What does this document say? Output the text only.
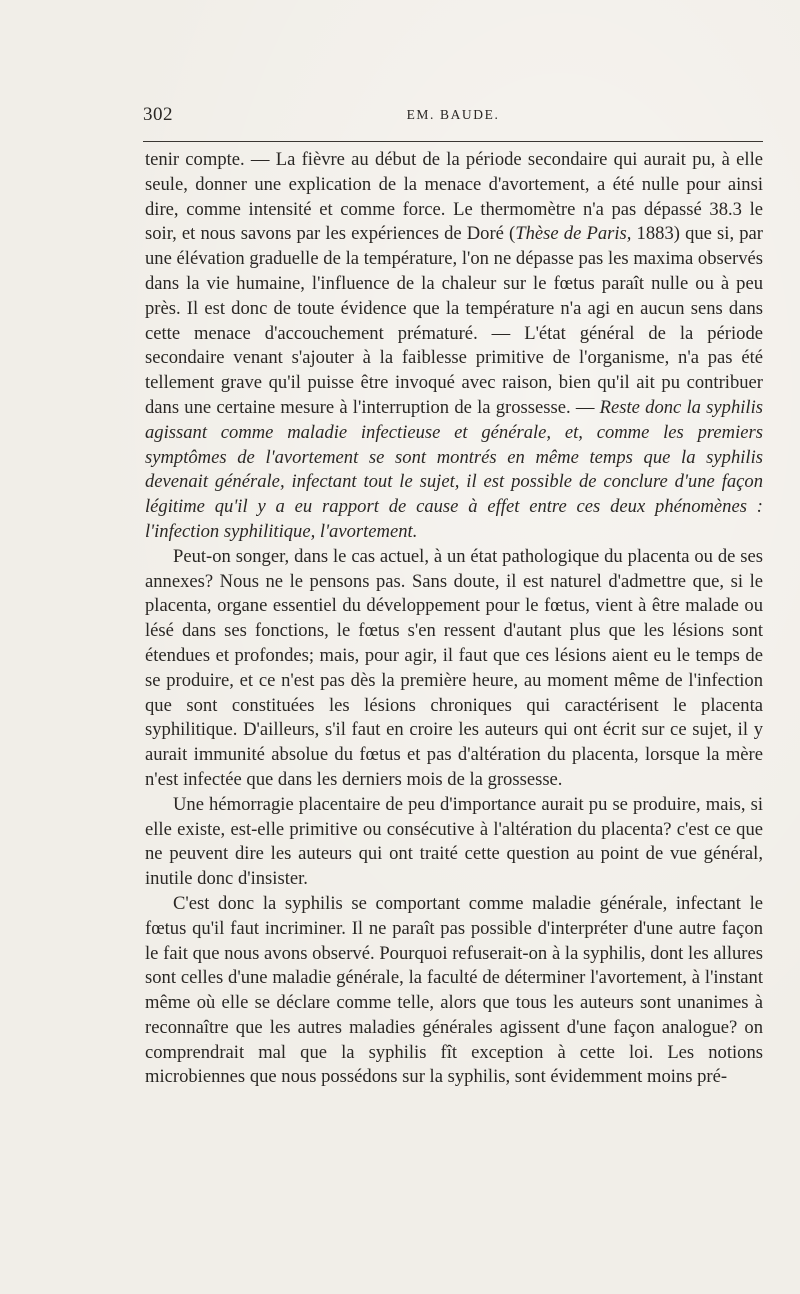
302	EM. BAUDE.

tenir compte. — La fièvre au début de la période secondaire qui aurait pu, à elle seule, donner une explication de la menace d'avortement, a été nulle pour ainsi dire, comme intensité et comme force. Le thermomètre n'a pas dépassé 38.3 le soir, et nous savons par les expériences de Doré (Thèse de Paris, 1883) que si, par une élévation graduelle de la température, l'on ne dépasse pas les maxima observés dans la vie humaine, l'influence de la chaleur sur le fœtus paraît nulle ou à peu près. Il est donc de toute évidence que la température n'a agi en aucun sens dans cette menace d'accouchement prématuré. — L'état général de la période secondaire venant s'ajouter à la faiblesse primitive de l'organisme, n'a pas été tellement grave qu'il puisse être invoqué avec raison, bien qu'il ait pu contribuer dans une certaine mesure à l'interruption de la grossesse. — Reste donc la syphilis agissant comme maladie infectieuse et générale, et, comme les premiers symptômes de l'avortement se sont montrés en même temps que la syphilis devenait générale, infectant tout le sujet, il est possible de conclure d'une façon légitime qu'il y a eu rapport de cause à effet entre ces deux phénomènes : l'infection syphilitique, l'avortement.

Peut-on songer, dans le cas actuel, à un état pathologique du placenta ou de ses annexes? Nous ne le pensons pas. Sans doute, il est naturel d'admettre que, si le placenta, organe essentiel du développement pour le fœtus, vient à être malade ou lésé dans ses fonctions, le fœtus s'en ressent d'autant plus que les lésions sont étendues et profondes; mais, pour agir, il faut que ces lésions aient eu le temps de se produire, et ce n'est pas dès la première heure, au moment même de l'infection que sont constituées les lésions chroniques qui caractérisent le placenta syphilitique. D'ailleurs, s'il faut en croire les auteurs qui ont écrit sur ce sujet, il y aurait immunité absolue du fœtus et pas d'altération du placenta, lorsque la mère n'est infectée que dans les derniers mois de la grossesse.

Une hémorragie placentaire de peu d'importance aurait pu se produire, mais, si elle existe, est-elle primitive ou consécutive à l'altération du placenta? c'est ce que ne peuvent dire les auteurs qui ont traité cette question au point de vue général, inutile donc d'insister.

C'est donc la syphilis se comportant comme maladie générale, infectant le fœtus qu'il faut incriminer. Il ne paraît pas possible d'interpréter d'une autre façon le fait que nous avons observé. Pourquoi refuserait-on à la syphilis, dont les allures sont celles d'une maladie générale, la faculté de déterminer l'avortement, à l'instant même où elle se déclare comme telle, alors que tous les auteurs sont unanimes à reconnaître que les autres maladies générales agissent d'une façon analogue? on comprendrait mal que la syphilis fît exception à cette loi. Les notions microbiennes que nous possédons sur la syphilis, sont évidemment moins pré-
